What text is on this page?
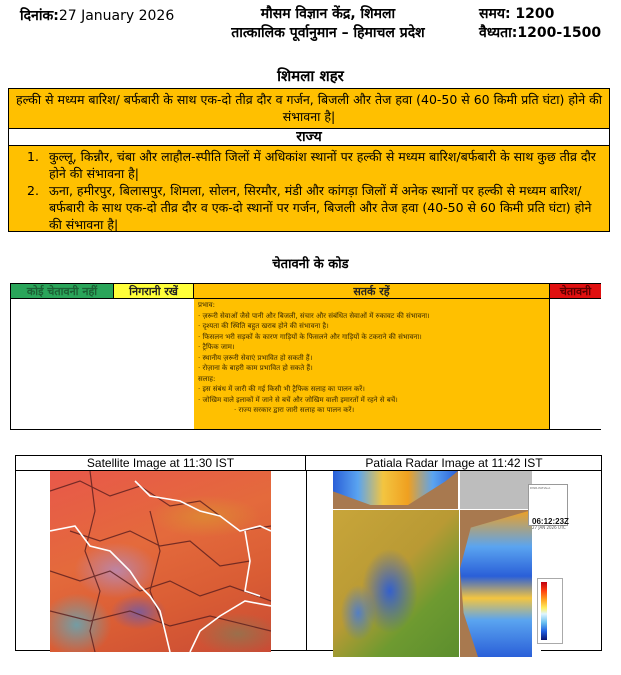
दिनांक:27 January 2026	मौसम विज्ञान केंद्र, शिमला
तात्कालिक पूर्वानुमान – हिमाचल प्रदेश
समय: 1200
वैध्यता:1200-1500
शिमला शहर
हल्की से मध्यम बारिश/ बर्फबारी के साथ एक-दो तीव्र दौर व गर्जन, बिजली और तेज हवा (40-50 से 60 किमी प्रति घंटा) होने की संभावना है|
राज्य
1. कुल्लू, किन्नौर, चंबा और लाहौल-स्पीति जिलों में अधिकांश स्थानों पर हल्की से मध्यम बारिश/बर्फबारी के साथ कुछ तीव्र दौर होने की संभावना है|
2. ऊना, हमीरपुर, बिलासपुर, शिमला, सोलन, सिरमौर, मंडी और कांगड़ा जिलों में अनेक स्थानों पर हल्की से मध्यम बारिश/बर्फबारी के साथ एक-दो तीव्र दौर व एक-दो स्थानों पर गर्जन, बिजली और तेज हवा (40-50 से 60 किमी प्रति घंटा) होने की संभावना है|
चेतावनी के कोड
कोई चेतावनी नहीं	निगरानी रखें	सतर्क रहें	चेतावनी
प्रभाव:
· ज़रूरी सेवाओं जैसे पानी और बिजली, संचार और संबंधित सेवाओं में रुकावट की संभावना।
· दृश्यता की स्थिति बहुत खराब होने की संभावना है।
· फिसलन भरी सड़कों के कारण गाड़ियों के फिसलने और गाड़ियों के टकराने की संभावना।
· ट्रैफिक जाम।
· स्थानीय ज़रूरी सेवाएं प्रभावित हो सकती हैं।
· रोज़ाना के बाहरी काम प्रभावित हो सकते हैं।
सलाह:
· इस संबंध में जारी की गई किसी भी ट्रैफिक सलाह का पालन करें।
· जोखिम वाले इलाकों में जाने से बचें और जोखिम वाली इमारतों में रहने से बचें।
· राज्य सरकार द्वारा जारी सलाह का पालन करें।
Satellite Image at 11:30 IST	Patiala Radar Image at 11:42 IST
DWR-PATIALA
06:12:23Z
27 JAN 2026 UTC
